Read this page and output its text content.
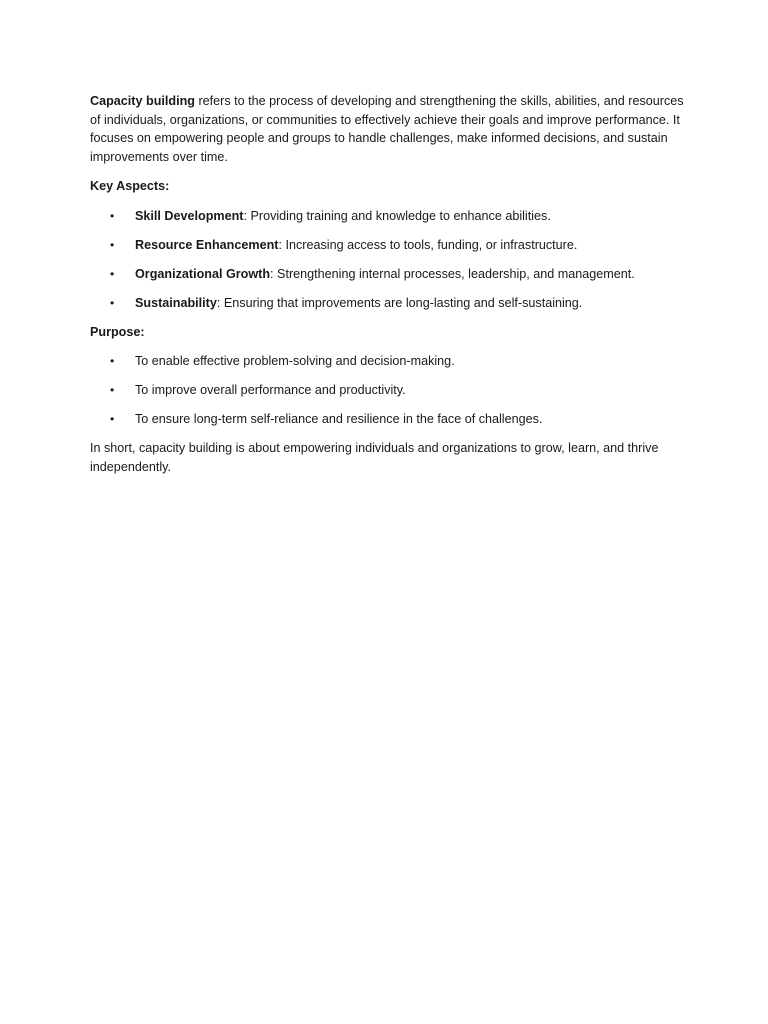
Capacity building refers to the process of developing and strengthening the skills, abilities, and resources of individuals, organizations, or communities to effectively achieve their goals and improve performance. It focuses on empowering people and groups to handle challenges, make informed decisions, and sustain improvements over time.

Key Aspects:

• Skill Development: Providing training and knowledge to enhance abilities.
• Resource Enhancement: Increasing access to tools, funding, or infrastructure.
• Organizational Growth: Strengthening internal processes, leadership, and management.
• Sustainability: Ensuring that improvements are long-lasting and self-sustaining.

Purpose:

• To enable effective problem-solving and decision-making.
• To improve overall performance and productivity.
• To ensure long-term self-reliance and resilience in the face of challenges.

In short, capacity building is about empowering individuals and organizations to grow, learn, and thrive independently.
